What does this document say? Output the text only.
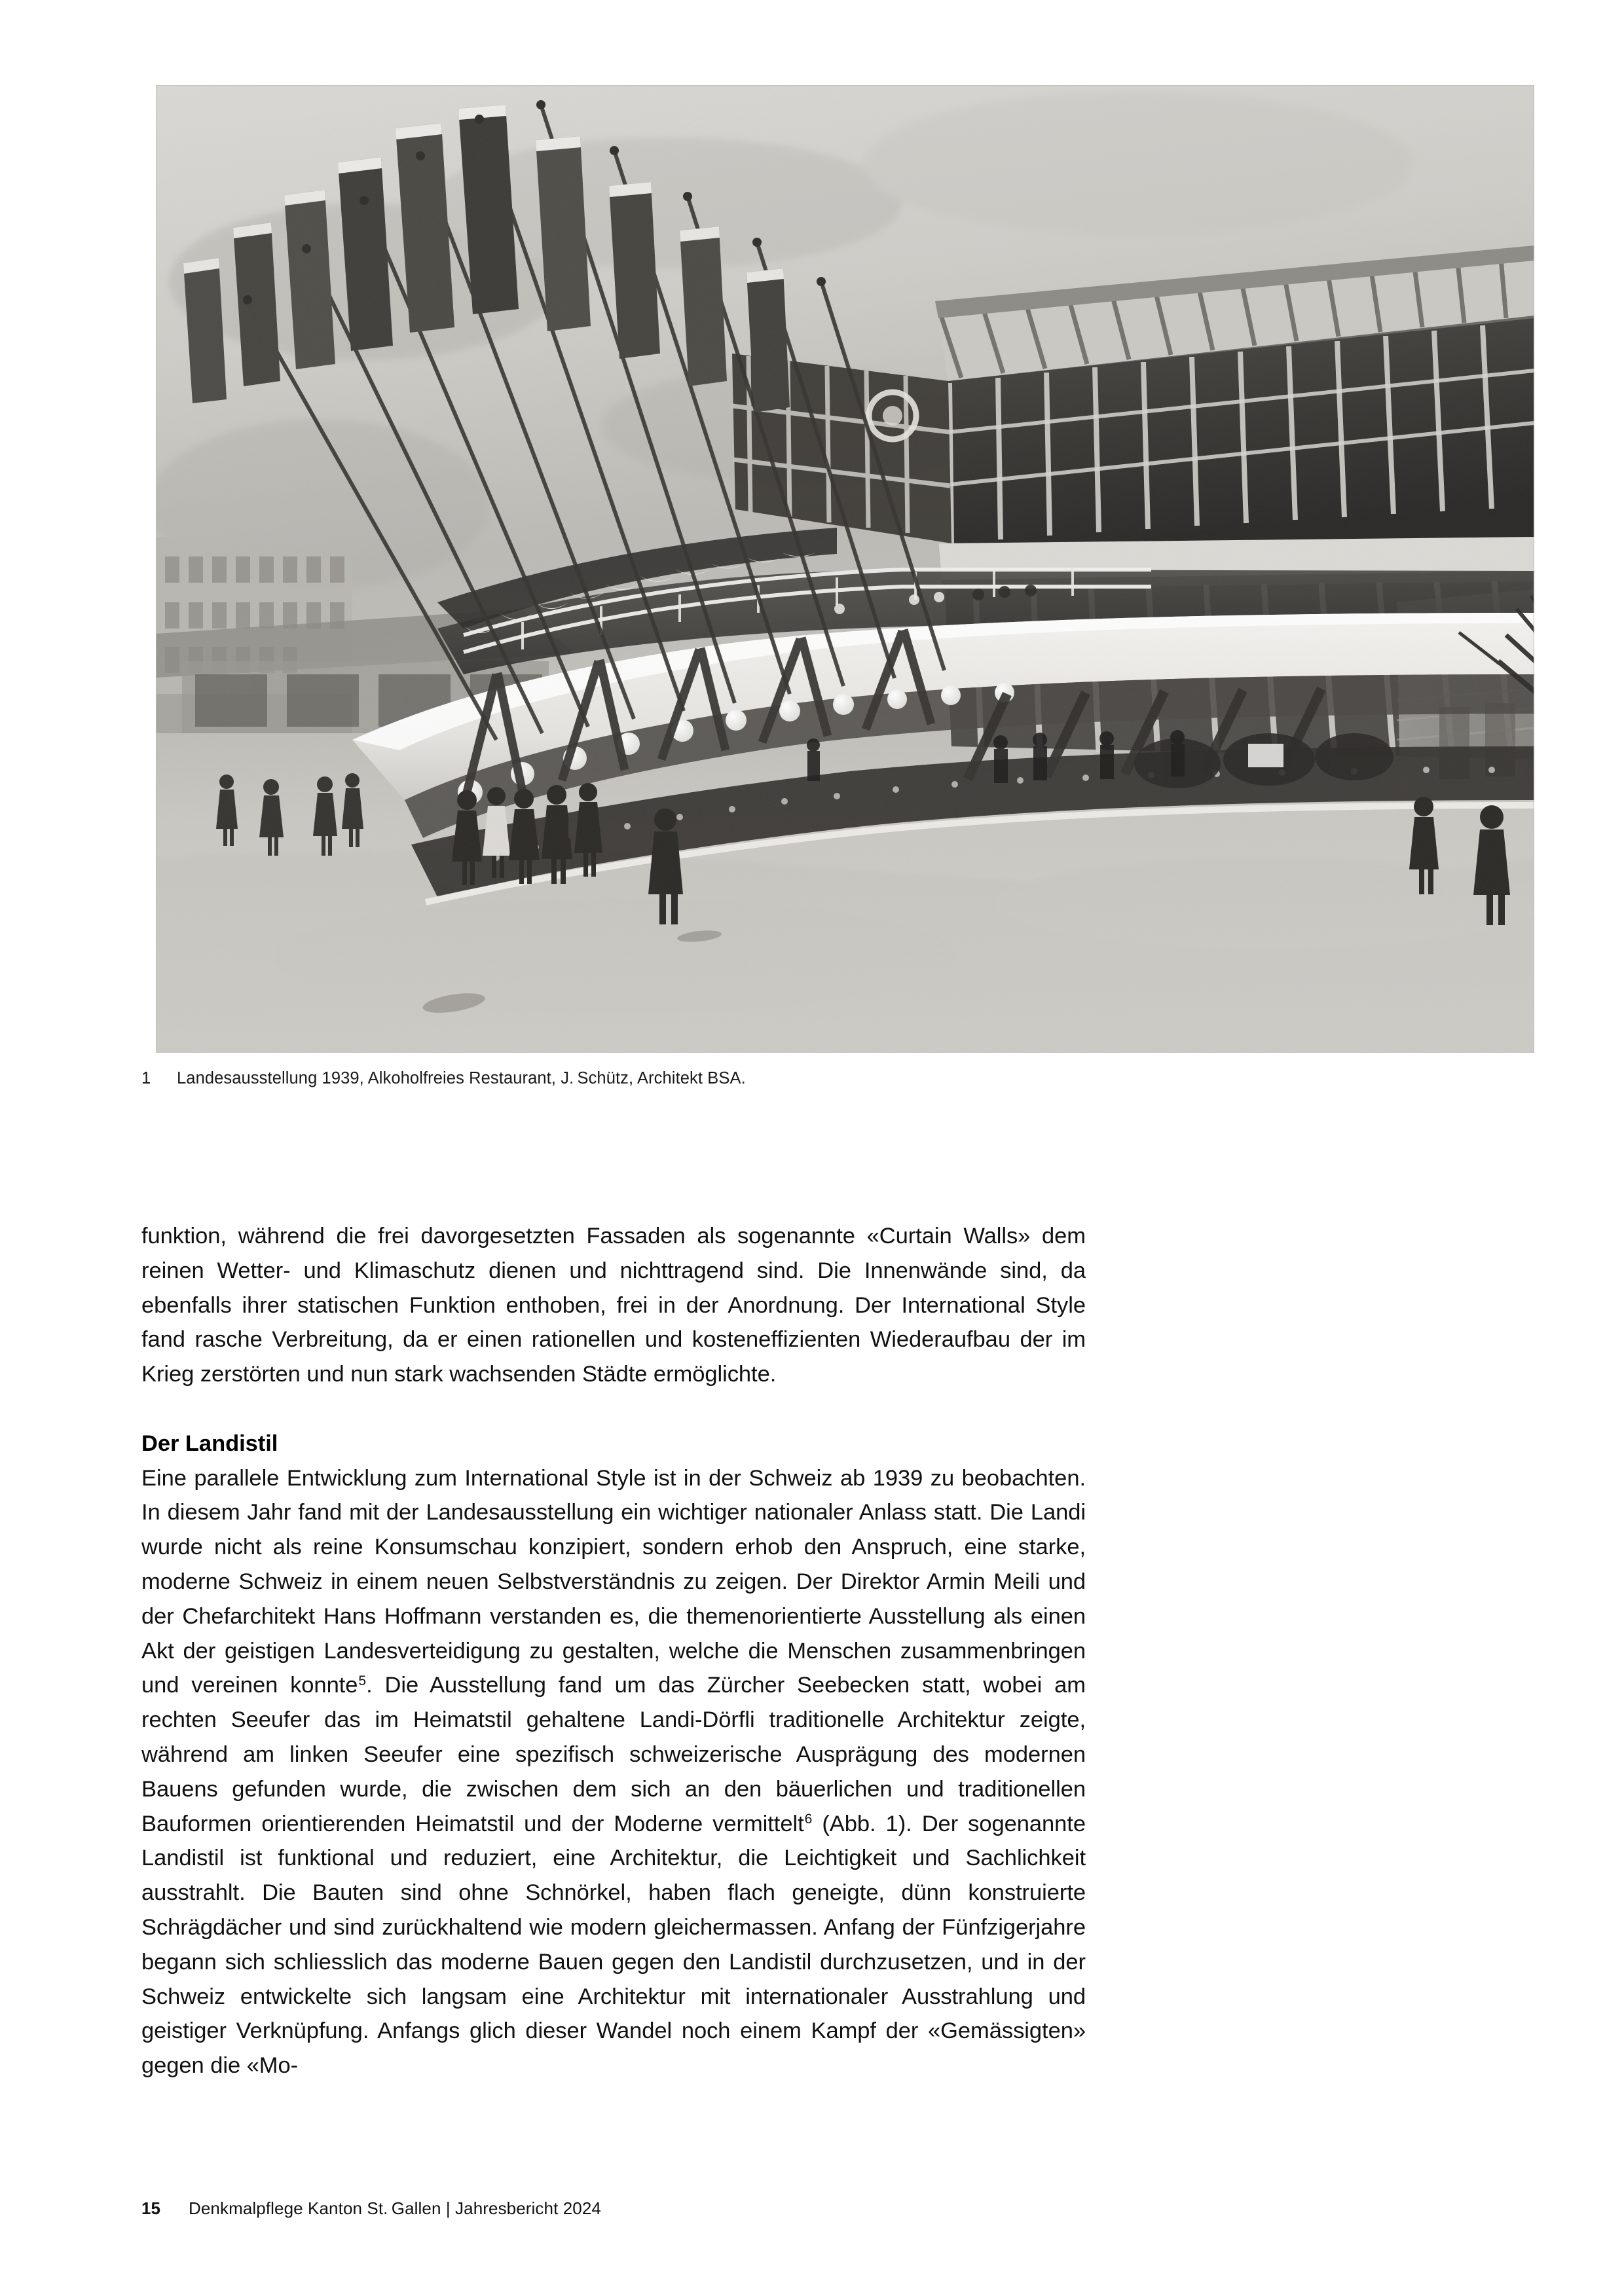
1 Landesausstellung 1939, Alkoholfreies Restaurant, J. Schütz, Architekt BSA.

funktion, während die frei davorgesetzten Fassaden als sogenannte «Curtain Walls» dem reinen Wetter- und Klimaschutz dienen und nichttragend sind. Die Innenwände sind, da ebenfalls ihrer statischen Funktion enthoben, frei in der Anordnung. Der International Style fand rasche Verbreitung, da er einen rationellen und kosteneffizienten Wiederaufbau der im Krieg zerstörten und nun stark wachsenden Städte ermöglichte.

Der Landistil

Eine parallele Entwicklung zum International Style ist in der Schweiz ab 1939 zu beobachten. In diesem Jahr fand mit der Landesausstellung ein wichtiger nationaler Anlass statt. Die Landi wurde nicht als reine Konsumschau konzipiert, sondern erhob den Anspruch, eine starke, moderne Schweiz in einem neuen Selbstverständnis zu zeigen. Der Direktor Armin Meili und der Chefarchitekt Hans Hoffmann verstanden es, die themenorientierte Ausstellung als einen Akt der geistigen Landesverteidigung zu gestalten, welche die Menschen zusammenbringen und vereinen konnte$^5$. Die Ausstellung fand um das Zürcher Seebecken statt, wobei am rechten Seeufer das im Heimatstil gehaltene Landi-Dörfli traditionelle Architektur zeigte, während am linken Seeufer eine spezifisch schweizerische Ausprägung des modernen Bauens gefunden wurde, die zwischen dem sich an den bäuerlichen und traditionellen Bauformen orientierenden Heimatstil und der Moderne vermittelt$^6$ (Abb. 1). Der sogenannte Landistil ist funktional und reduziert, eine Architektur, die Leichtigkeit und Sachlichkeit ausstrahlt. Die Bauten sind ohne Schnörkel, haben flach geneigte, dünn konstruierte Schrägdächer und sind zurückhaltend wie modern gleichermassen. Anfang der Fünfzigerjahre begann sich schliesslich das moderne Bauen gegen den Landistil durchzusetzen, und in der Schweiz entwickelte sich langsam eine Architektur mit internationaler Ausstrahlung und geistiger Verknüpfung. Anfangs glich dieser Wandel noch einem Kampf der «Gemässigten» gegen die «Mo-

15 Denkmalpflege Kanton St. Gallen | Jahresbericht 2024
